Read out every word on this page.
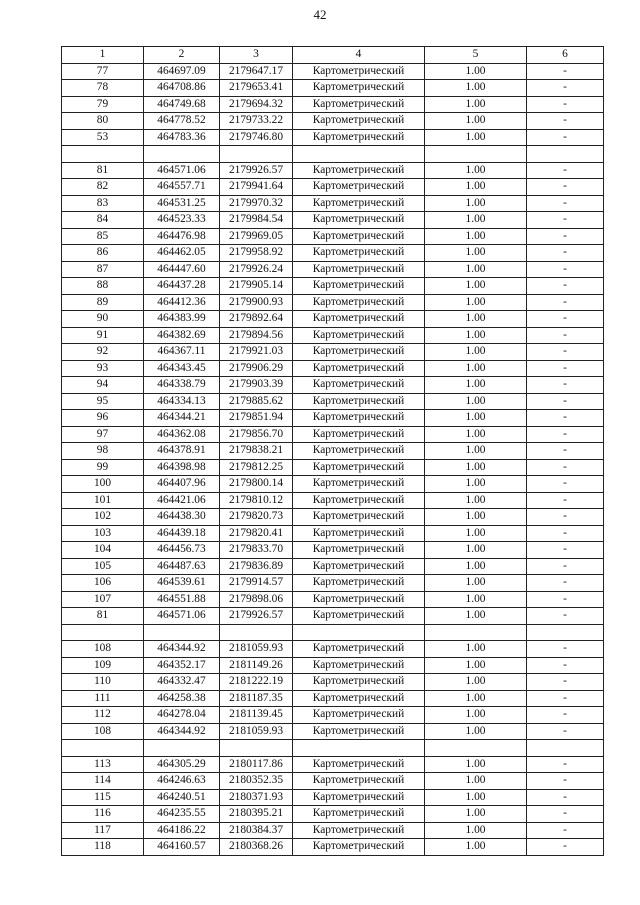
42
1	2	3	4	5	6
77	464697.09	2179647.17	Картометрический	1.00	-
78	464708.86	2179653.41	Картометрический	1.00	-
79	464749.68	2179694.32	Картометрический	1.00	-
80	464778.52	2179733.22	Картометрический	1.00	-
53	464783.36	2179746.80	Картометрический	1.00	-

81	464571.06	2179926.57	Картометрический	1.00	-
82	464557.71	2179941.64	Картометрический	1.00	-
83	464531.25	2179970.32	Картометрический	1.00	-
84	464523.33	2179984.54	Картометрический	1.00	-
85	464476.98	2179969.05	Картометрический	1.00	-
86	464462.05	2179958.92	Картометрический	1.00	-
87	464447.60	2179926.24	Картометрический	1.00	-
88	464437.28	2179905.14	Картометрический	1.00	-
89	464412.36	2179900.93	Картометрический	1.00	-
90	464383.99	2179892.64	Картометрический	1.00	-
91	464382.69	2179894.56	Картометрический	1.00	-
92	464367.11	2179921.03	Картометрический	1.00	-
93	464343.45	2179906.29	Картометрический	1.00	-
94	464338.79	2179903.39	Картометрический	1.00	-
95	464334.13	2179885.62	Картометрический	1.00	-
96	464344.21	2179851.94	Картометрический	1.00	-
97	464362.08	2179856.70	Картометрический	1.00	-
98	464378.91	2179838.21	Картометрический	1.00	-
99	464398.98	2179812.25	Картометрический	1.00	-
100	464407.96	2179800.14	Картометрический	1.00	-
101	464421.06	2179810.12	Картометрический	1.00	-
102	464438.30	2179820.73	Картометрический	1.00	-
103	464439.18	2179820.41	Картометрический	1.00	-
104	464456.73	2179833.70	Картометрический	1.00	-
105	464487.63	2179836.89	Картометрический	1.00	-
106	464539.61	2179914.57	Картометрический	1.00	-
107	464551.88	2179898.06	Картометрический	1.00	-
81	464571.06	2179926.57	Картометрический	1.00	-

108	464344.92	2181059.93	Картометрический	1.00	-
109	464352.17	2181149.26	Картометрический	1.00	-
110	464332.47	2181222.19	Картометрический	1.00	-
111	464258.38	2181187.35	Картометрический	1.00	-
112	464278.04	2181139.45	Картометрический	1.00	-
108	464344.92	2181059.93	Картометрический	1.00	-

113	464305.29	2180117.86	Картометрический	1.00	-
114	464246.63	2180352.35	Картометрический	1.00	-
115	464240.51	2180371.93	Картометрический	1.00	-
116	464235.55	2180395.21	Картометрический	1.00	-
117	464186.22	2180384.37	Картометрический	1.00	-
118	464160.57	2180368.26	Картометрический	1.00	-
